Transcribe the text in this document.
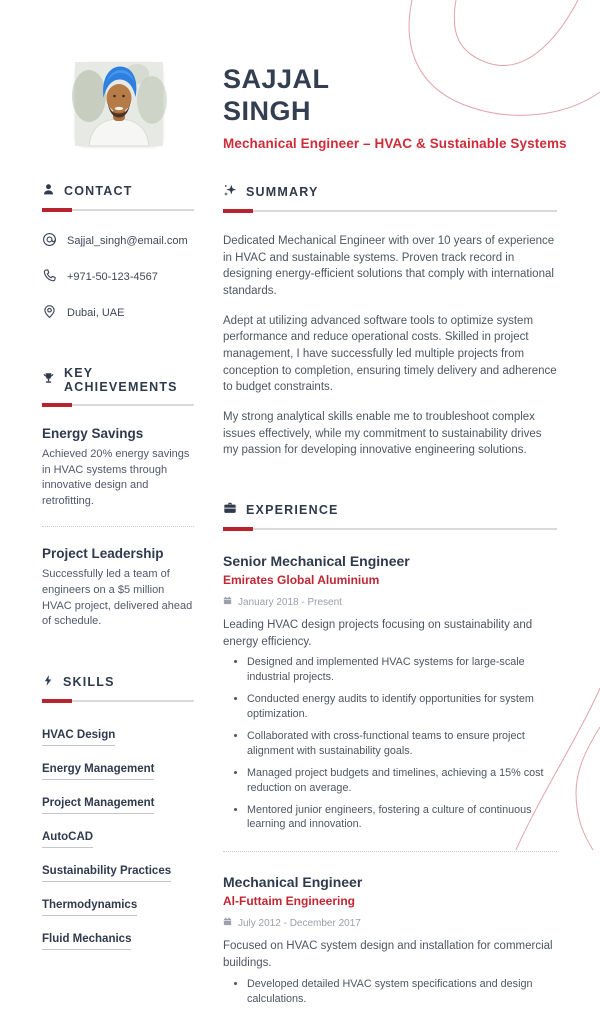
SAJJAL
SINGH
Mechanical Engineer – HVAC & Sustainable Systems
CONTACT
Sajjal_singh@email.com
+971-50-123-4567
Dubai, UAE
KEY ACHIEVEMENTS
Energy Savings
Achieved 20% energy savings in HVAC systems through innovative design and retrofitting.
Project Leadership
Successfully led a team of engineers on a $5 million HVAC project, delivered ahead of schedule.
SKILLS
HVAC Design Energy Management Project Management AutoCAD Sustainability Practices Thermodynamics Fluid Mechanics
SUMMARY

Dedicated Mechanical Engineer with over 10 years of experience in HVAC and sustainable systems. Proven track record in designing energy-efficient solutions that comply with international standards.

Adept at utilizing advanced software tools to optimize system performance and reduce operational costs. Skilled in project management, I have successfully led multiple projects from conception to completion, ensuring timely delivery and adherence to budget constraints.

My strong analytical skills enable me to troubleshoot complex issues effectively, while my commitment to sustainability drives my passion for developing innovative engineering solutions.

EXPERIENCE
Senior Mechanical Engineer
Emirates Global Aluminium
January 2018 - Present
Leading HVAC design projects focusing on sustainability and energy efficiency.
• Designed and implemented HVAC systems for large-scale industrial projects.
• Conducted energy audits to identify opportunities for system optimization.
• Collaborated with cross-functional teams to ensure project alignment with sustainability goals.
• Managed project budgets and timelines, achieving a 15% cost reduction on average.
• Mentored junior engineers, fostering a culture of continuous learning and innovation.
Mechanical Engineer
Al-Futtaim Engineering
July 2012 - December 2017
Focused on HVAC system design and installation for commercial buildings.
• Developed detailed HVAC system specifications and design calculations.
